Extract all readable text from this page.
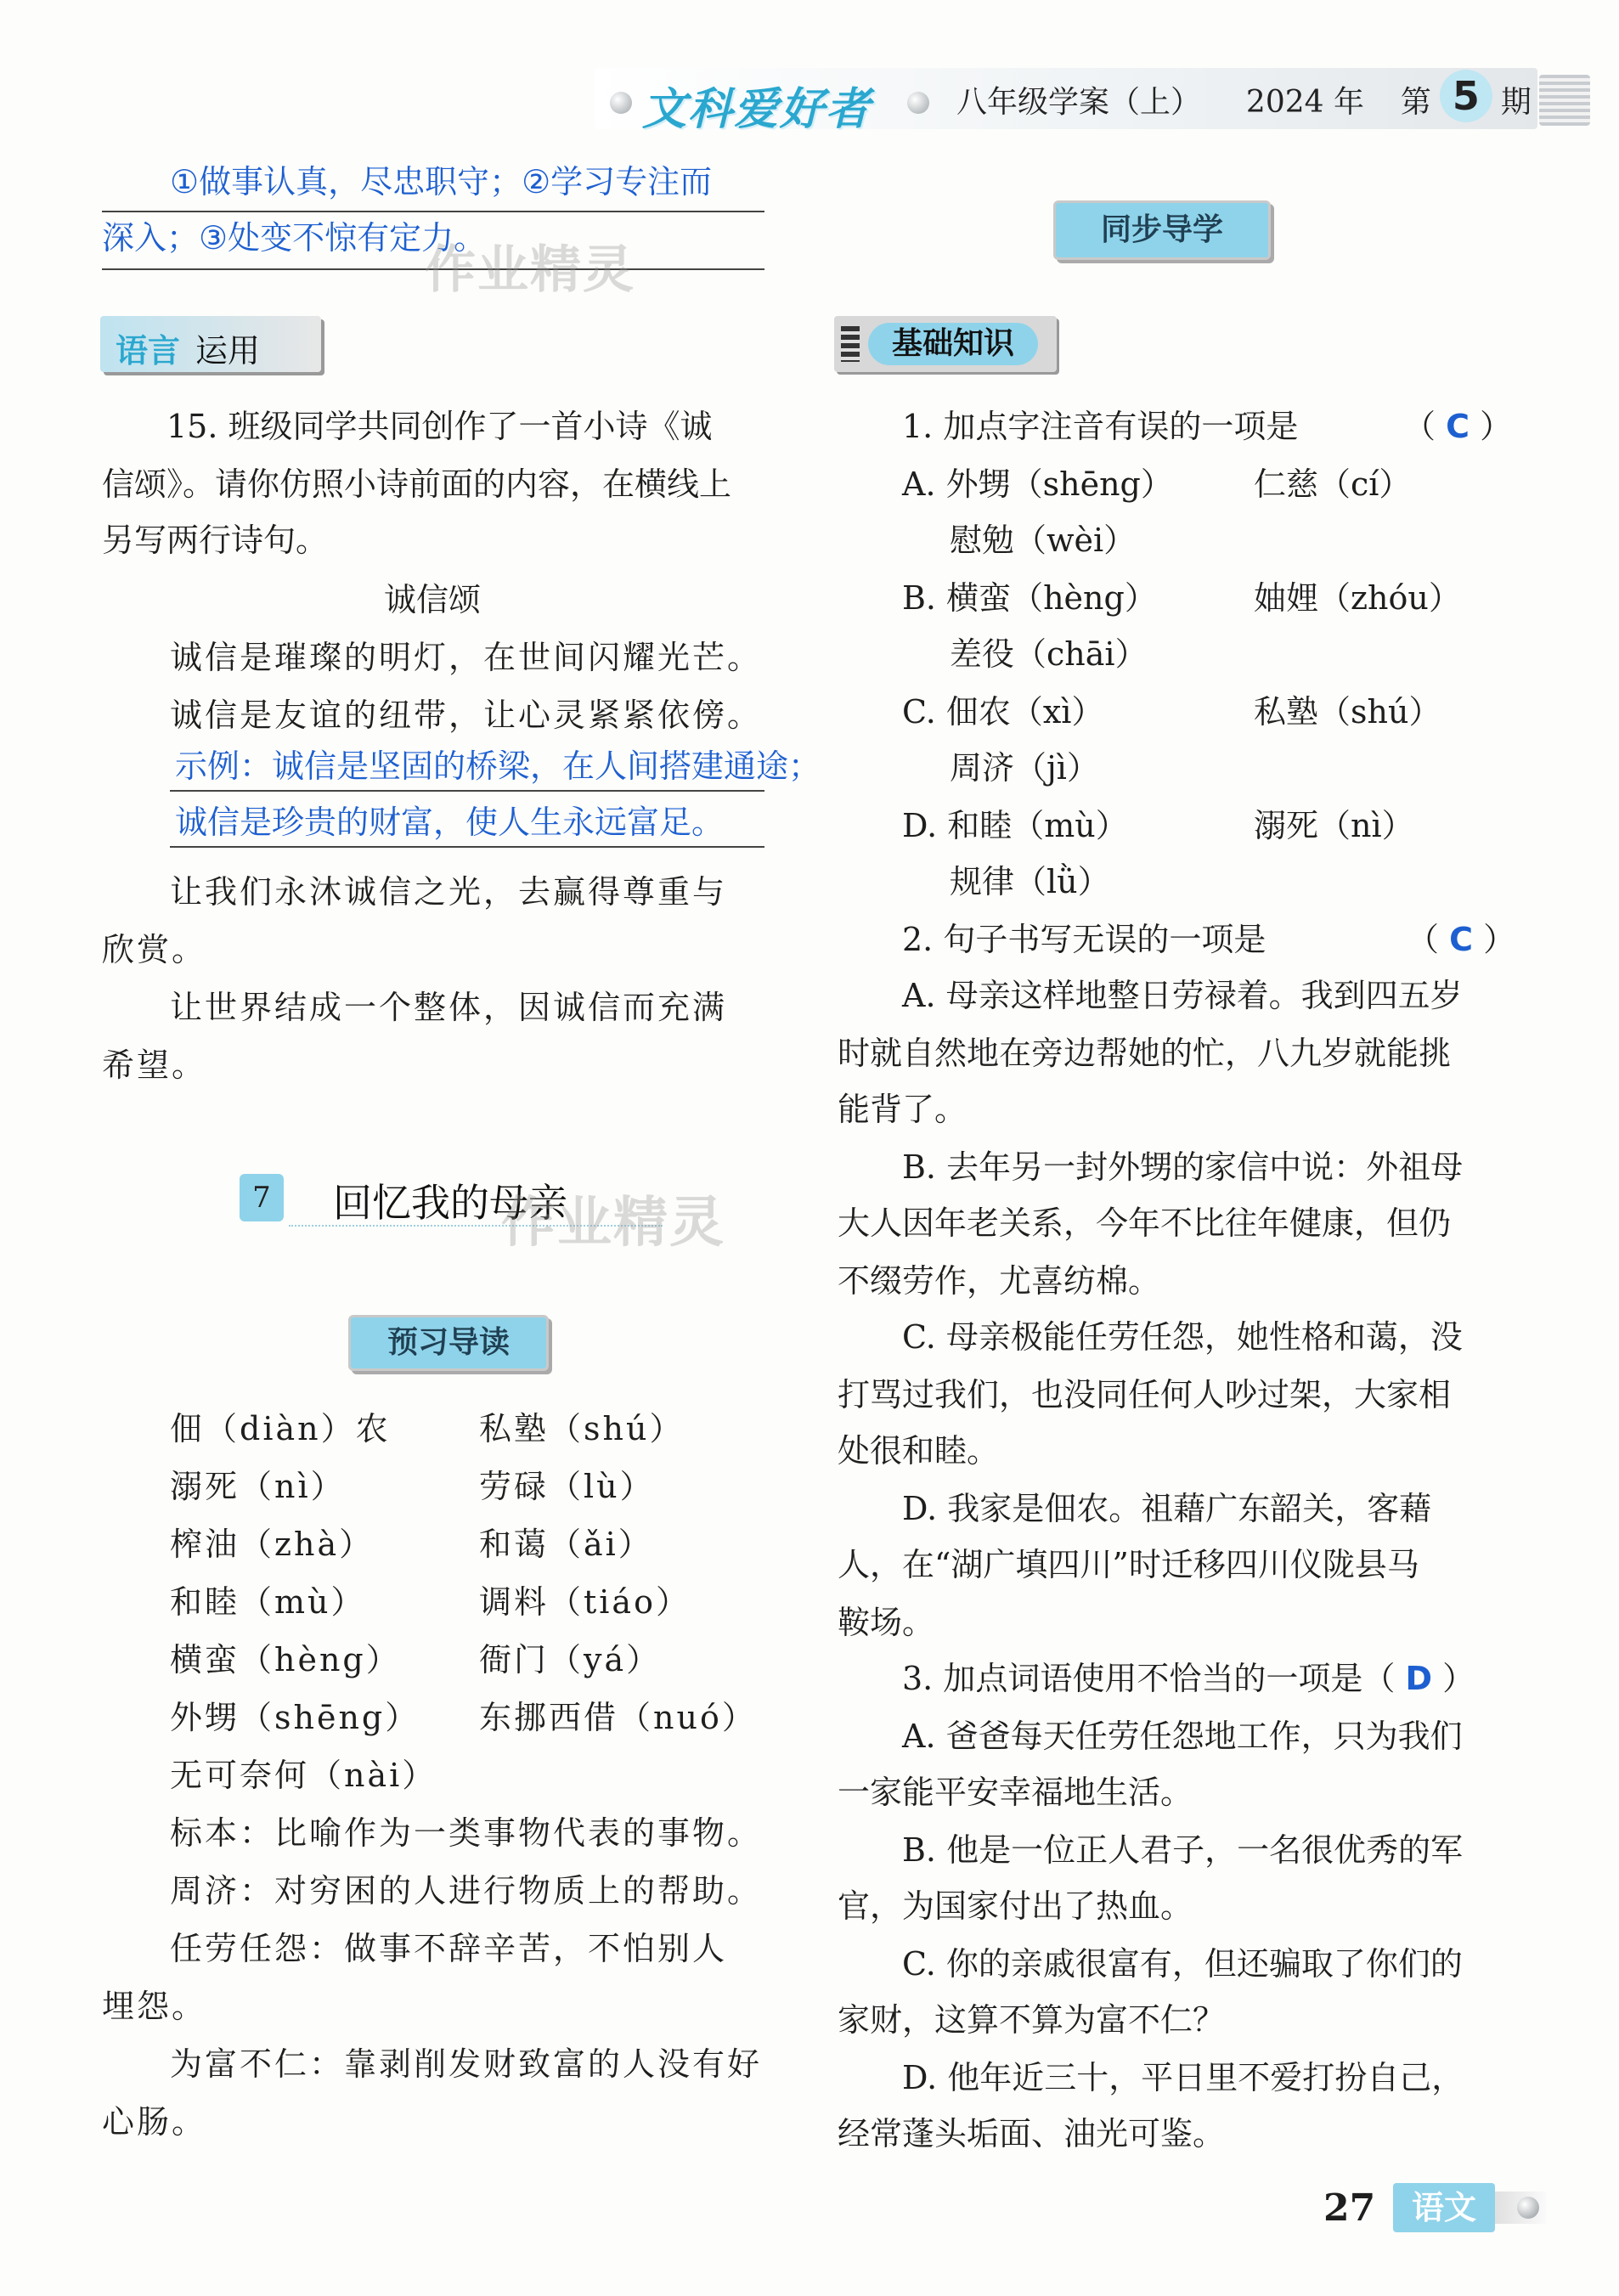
文科爱好者	八年级学案（上） 2024 年 第 5 期
①做事认真，尽忠职守；②学习专注而
深入；③处变不惊有定力。
作业精灵
语言 运用
15. 班级同学共同创作了一首小诗《诚
信颂》。请你仿照小诗前面的内容，在横线上
另写两行诗句。
诚信颂
诚信是璀璨的明灯，在世间闪耀光芒。
诚信是友谊的纽带，让心灵紧紧依傍。
示例：诚信是坚固的桥梁，在人间搭建通途；
诚信是珍贵的财富，使人生永远富足。
让我们永沐诚信之光，去赢得尊重与
欣赏。
让世界结成一个整体，因诚信而充满
希望。
7	回忆我的母亲
作业精灵
预习导读
佃（diàn）农	私塾（shú）
溺死（nì）	劳碌（lù）
榨油（zhà）	和蔼（ǎi）
和睦（mù）	调料（tiáo）
横蛮（hèng） 衙门（yá）
外甥（shēng） 东挪西借（nuó）
无可奈何（nài）
标本：比喻作为一类事物代表的事物。
周济：对穷困的人进行物质上的帮助。
任劳任怨：做事不辞辛苦，不怕别人
埋怨。
为富不仁：靠剥削发财致富的人没有好
心肠。
同步导学
基础知识
1. 加点字注音有误的一项是	（ C ）
A. 外甥（shēng）	仁慈（cí）
慰勉（wèi）
B. 横蛮（hèng）	妯娌（zhóu）
差役（chāi）
C. 佃农（xì）	私塾（shú）
周济（jì）
D. 和睦（mù）	溺死（nì）
规律（lǜ）
2. 句子书写无误的一项是	（ C ）
A. 母亲这样地整日劳禄着。我到四五岁
时就自然地在旁边帮她的忙，八九岁就能挑
能背了。
B. 去年另一封外甥的家信中说：外祖母
大人因年老关系，今年不比往年健康，但仍
不缀劳作，尤喜纺棉。
C. 母亲极能任劳任怨，她性格和蔼，没
打骂过我们，也没同任何人吵过架，大家相
处很和睦。
D. 我家是佃农。祖藉广东韶关，客藉
人，在“湖广填四川”时迁移四川仪陇县马
鞍场。
3. 加点词语使用不恰当的一项是（ D ）
A. 爸爸每天任劳任怨地工作，只为我们
一家能平安幸福地生活。
B. 他是一位正人君子，一名很优秀的军
官，为国家付出了热血。
C. 你的亲戚很富有，但还骗取了你们的
家财，这算不算为富不仁？
D. 他年近三十，平日里不爱打扮自己，
经常蓬头垢面、油光可鉴。
27	语文
